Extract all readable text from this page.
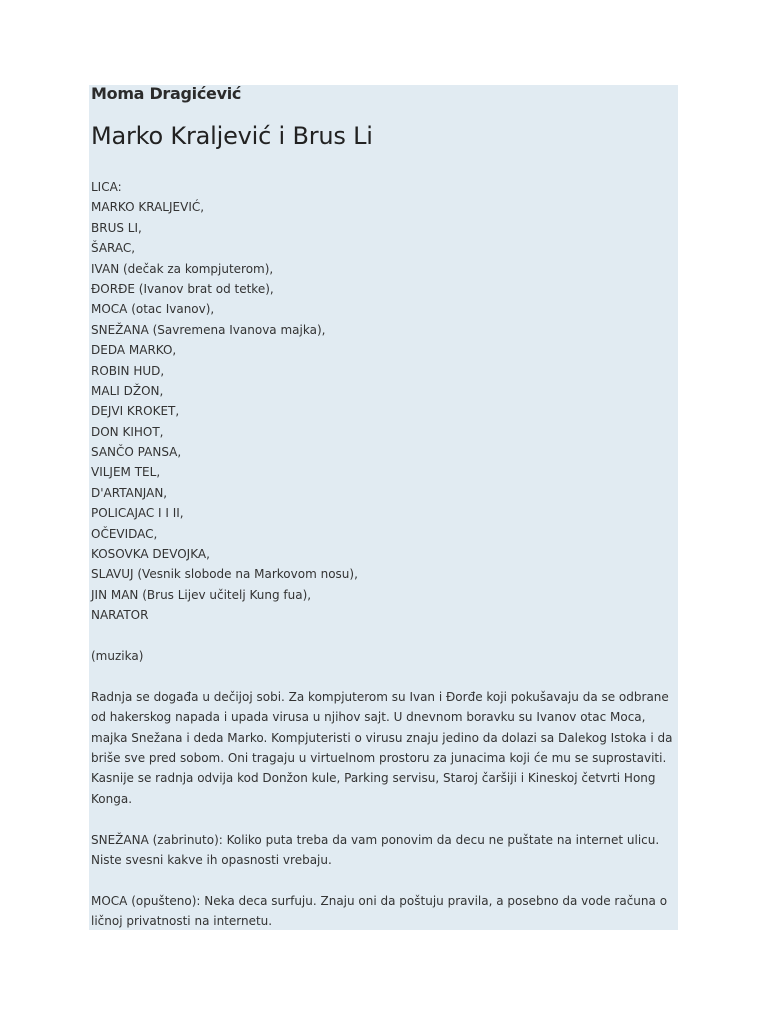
Moma Dragićević
Marko Kraljević i Brus Li
LICA:
MARKO KRALJEVIĆ,
BRUS LI,
ŠARAC,
IVAN (dečak za kompjuterom),
ĐORĐE (Ivanov brat od tetke),
MOCA (otac Ivanov),
SNEŽANA (Savremena Ivanova majka),
DEDA MARKO,
ROBIN HUD,
MALI DŽON,
DEJVI KROKET,
DON KIHOT,
SANČO PANSA,
VILJEM TEL,
D'ARTANJAN,
POLICAJAC I I II,
OČEVIDAC,
KOSOVKA DEVOJKA,
SLAVUJ (Vesnik slobode na Markovom nosu),
JIN MAN (Brus Lijev učitelj Kung fua),
NARATOR

(muzika)

Radnja se događa u dečijoj sobi. Za kompjuterom su Ivan i Đorđe koji pokušavaju da se odbrane od hakerskog napada i upada virusa u njihov sajt. U dnevnom boravku su Ivanov otac Moca, majka Snežana i deda Marko. Kompjuteristi o virusu znaju jedino da dolazi sa Dalekog Istoka i da briše sve pred sobom. Oni tragaju u virtuelnom prostoru za junacima koji će mu se suprostaviti. Kasnije se radnja odvija kod Donžon kule, Parking servisu, Staroj čaršiji i Kineskoj četvrti Hong Konga.

SNEŽANA (zabrinuto): Koliko puta treba da vam ponovim da decu ne puštate na internet ulicu. Niste svesni kakve ih opasnosti vrebaju.

MOCA (opušteno): Neka deca surfuju. Znaju oni da poštuju pravila, a posebno da vode računa o ličnoj privatnosti na internetu.
